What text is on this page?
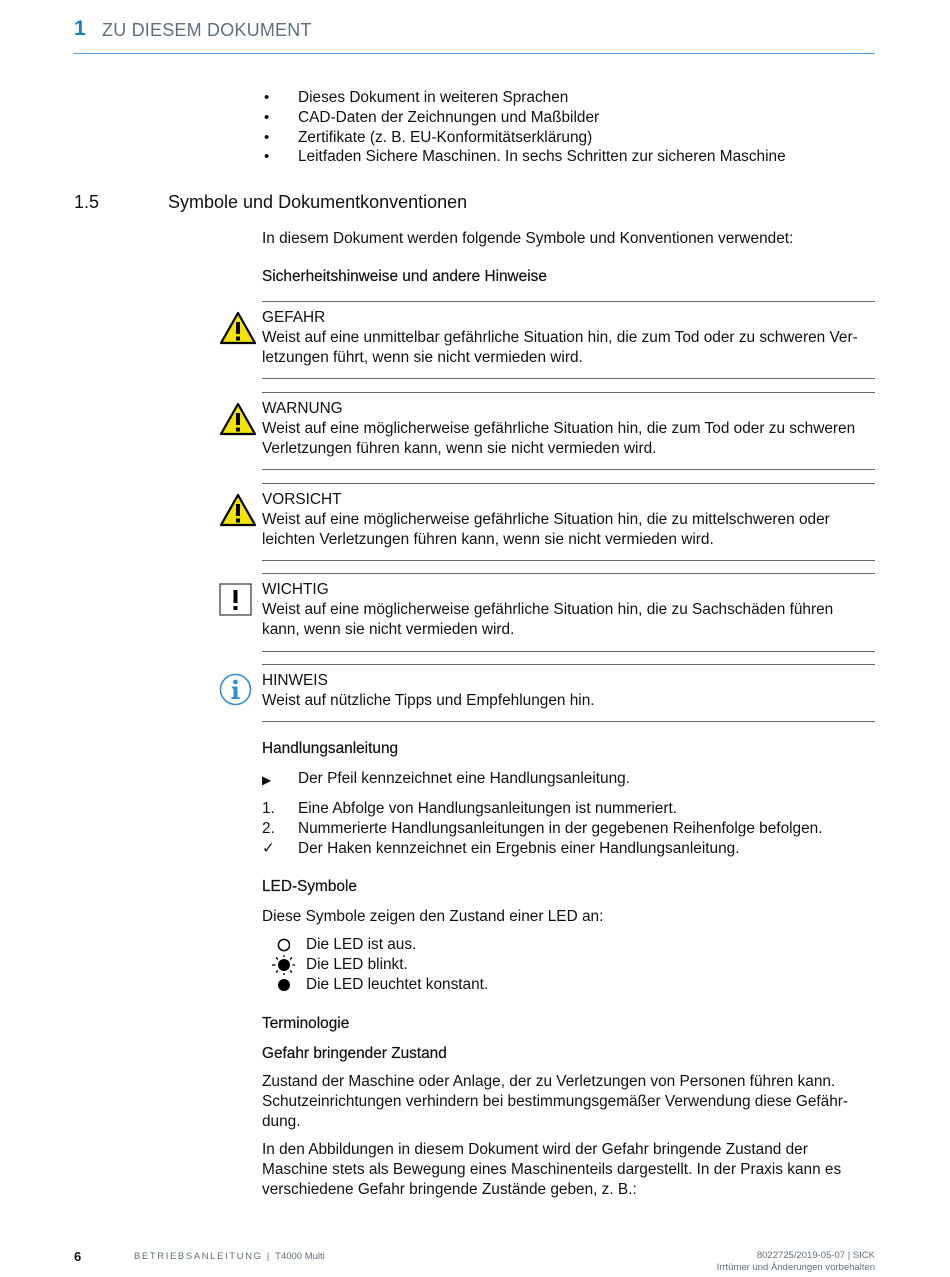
1 ZU DIESEM DOKUMENT
• Dieses Dokument in weiteren Sprachen
• CAD-Daten der Zeichnungen und Maßbilder
• Zertifikate (z. B. EU-Konformitätserklärung)
• Leitfaden Sichere Maschinen. In sechs Schritten zur sicheren Maschine
1.5	Symbole und Dokumentkonventionen

In diesem Dokument werden folgende Symbole und Konventionen verwendet:

Sicherheitshinweise und andere Hinweise
GEFAHR
Weist auf eine unmittelbar gefährliche Situation hin, die zum Tod oder zu schweren Ver-letzungen führt, wenn sie nicht vermieden wird.
WARNUNG
Weist auf eine möglicherweise gefährliche Situation hin, die zum Tod oder zu schweren Verletzungen führen kann, wenn sie nicht vermieden wird.
VORSICHT
Weist auf eine möglicherweise gefährliche Situation hin, die zu mittelschweren oder leichten Verletzungen führen kann, wenn sie nicht vermieden wird.
WICHTIG
Weist auf eine möglicherweise gefährliche Situation hin, die zu Sachschäden führen kann, wenn sie nicht vermieden wird.
HINWEIS
Weist auf nützliche Tipps und Empfehlungen hin.
Handlungsanleitung
▶ Der Pfeil kennzeichnet eine Handlungsanleitung.
1. Eine Abfolge von Handlungsanleitungen ist nummeriert.
2. Nummerierte Handlungsanleitungen in der gegebenen Reihenfolge befolgen.
✓ Der Haken kennzeichnet ein Ergebnis einer Handlungsanleitung.
LED-Symbole

Diese Symbole zeigen den Zustand einer LED an:

Die LED ist aus.
Die LED blinkt.
Die LED leuchtet konstant.
Terminologie
Gefahr bringender Zustand

Zustand der Maschine oder Anlage, der zu Verletzungen von Personen führen kann. Schutzeinrichtungen verhindern bei bestimmungsgemäßer Verwendung diese Gefähr-dung.

In den Abbildungen in diesem Dokument wird der Gefahr bringende Zustand der Maschine stets als Bewegung eines Maschinenteils dargestellt. In der Praxis kann es verschiedene Gefahr bringende Zustände geben, z. B.:

6	BETRIEBSANLEITUNG | T4000 Multi	8022725/2019-05-07 | SICK
Irrtümer und Änderungen vorbehalten
